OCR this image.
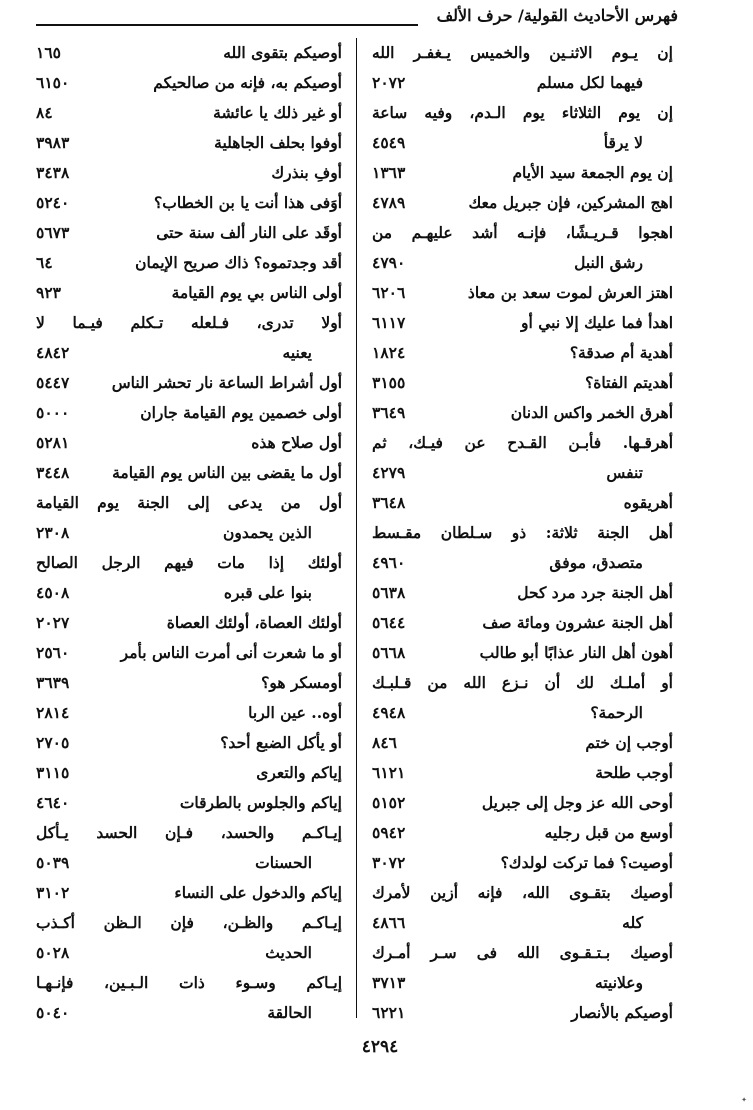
فهرس الأحاديث القولية/ حرف الألف
إن يـوم الاثنـين والخميس يـغفـر الله
فيهما لكل مسلم
٢٠٧٢
إن يوم الثلاثاء يوم الـدم، وفيه ساعة
لا يرقأ
٤٥٤٩
إن يوم الجمعة سيد الأيام
١٣٦٣
اهج المشركين، فإن جبريل معك
٤٧٨٩
اهجوا قـريـشًا، فإنـه أشد عليهـم من
رشق النبل
٤٧٩٠
اهتز العرش لموت سعد بن معاذ
٦٢٠٦
اهدأ فما عليك إلا نبي أو
٦١١٧
أهدية أم صدقة؟
١٨٢٤
أهديتم الفتاة؟
٣١٥٥
أهرق الخمر واكس الدنان
٣٦٤٩
أهرقـها. فأبـن القـدح عن فيـك، ثم
تنفس
٤٢٧٩
أهريقوه
٣٦٤٨
أهل الجنة ثلاثة: ذو سـلطان مقـسط
متصدق، موفق
٤٩٦٠
أهل الجنة جرد مرد كحل
٥٦٣٨
أهل الجنة عشرون ومائة صف
٥٦٤٤
أهون أهل النار عذابًا أبو طالب
٥٦٦٨
أو أملـك لك أن نـزع الله من قـلبـك
الرحمة؟
٤٩٤٨
أوجب إن ختم
٨٤٦
أوجب طلحة
٦١٢١
أوحى الله عز وجل إلى جبريل
٥١٥٢
أوسع من قبل رجليه
٥٩٤٢
أوصيت؟ فما تركت لولدك؟
٣٠٧٢
أوصيك بتقـوى الله، فإنه أزين لأمرك
كله
٤٨٦٦
أوصيك بـتـقـوى الله فى سـر أمـرك
وعلانيته
٣٧١٣
أوصيكم بالأنصار
٦٢٢١
أوصيكم بتقوى الله
١٦٥
أوصيكم به، فإنه من صالحيكم
٦١٥٠
أو غير ذلك يا عائشة
٨٤
أوفوا بحلف الجاهلية
٣٩٨٣
أوفِ بنذرك
٣٤٣٨
أوَفى هذا أنت يا بن الخطاب؟
٥٢٤٠
أوقَد على النار ألف سنة حتى
٥٦٧٣
أقد وجدتموه؟ ذاك صريح الإيمان
٦٤
أولى الناس بي يوم القيامة
٩٢٣
أولا تدرى، فـلعله تـكلم فيـما لا
يعنيه
٤٨٤٢
أول أشراط الساعة نار تحشر الناس
٥٤٤٧
أولى خصمين يوم القيامة جاران
٥٠٠٠
أول صلاح هذه
٥٢٨١
أول ما يقضى بين الناس يوم القيامة
٣٤٤٨
أول من يدعى إلى الجنة يوم القيامة
الذين يحمدون
٢٣٠٨
أولئك إذا مات فيهم الرجل الصالح
بنوا على قبره
٤٥٠٨
أولئك العصاة، أولئك العصاة
٢٠٢٧
أو ما شعرت أنى أمرت الناس بأمر
٢٥٦٠
أومسكر هو؟
٣٦٣٩
أوه.. عين الربا
٢٨١٤
أو يأكل الضبع أحد؟
٢٧٠٥
إياكم والتعرى
٣١١٥
إياكم والجلوس بالطرقات
٤٦٤٠
إيـاكـم والحسد، فـإن الحسد يـأكل
الحسنات
٥٠٣٩
إياكم والدخول على النساء
٣١٠٢
إيـاكـم والظـن، فإن الـظن أكـذب
الحديث
٥٠٢٨
إيـاكم وسـوء ذات الـبـين، فإنـهـا
الحالقة
٥٠٤٠
٤٢٩٤
✦
